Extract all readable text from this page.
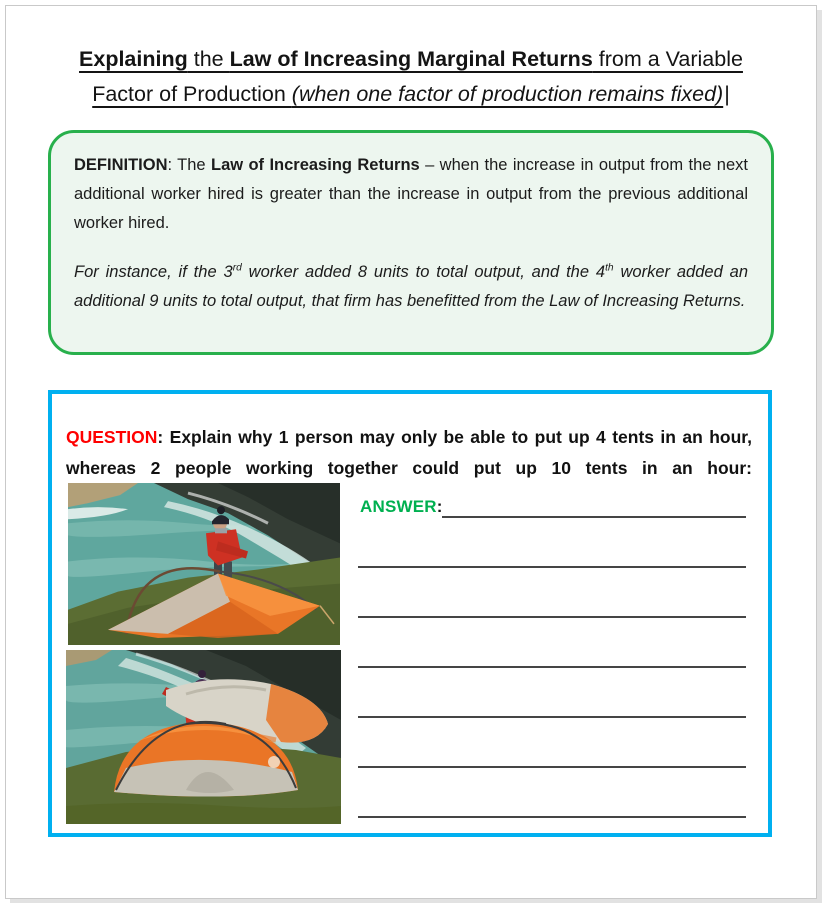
Explaining the Law of Increasing Marginal Returns from a Variable
Factor of Production (when one factor of production remains fixed)|

DEFINITION: The Law of Increasing Returns – when the increase in output from the next additional worker hired is greater than the increase in output from the previous additional worker hired.

For instance, if the 3rd worker added 8 units to total output, and the 4th worker added an additional 9 units to total output, that firm has benefitted from the Law of Increasing Returns.

QUESTION: Explain why 1 person may only be able to put up 4 tents in an hour, whereas 2 people working together could put up 10 tents in an hour:

ANSWER:
